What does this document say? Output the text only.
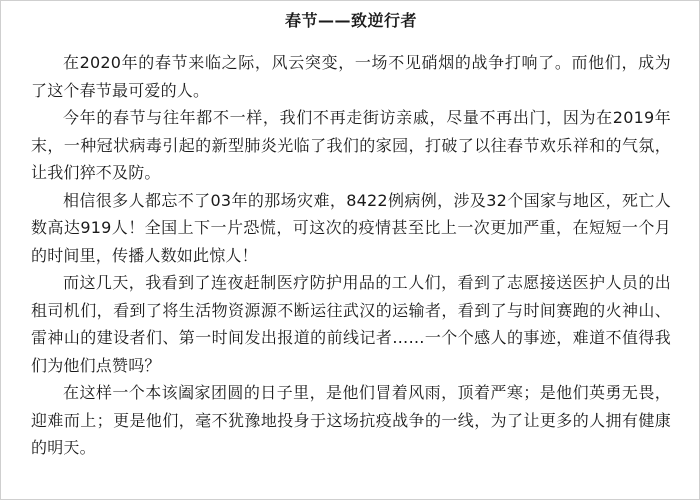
春节——致逆行者

在2020年的春节来临之际，风云突变，一场不见硝烟的战争打响了。而他们，成为了这个春节最可爱的人。

今年的春节与往年都不一样，我们不再走街访亲戚，尽量不再出门，因为在2019年末，一种冠状病毒引起的新型肺炎光临了我们的家园，打破了以往春节欢乐祥和的气氛，让我们猝不及防。

相信很多人都忘不了03年的那场灾难，8422例病例，涉及32个国家与地区，死亡人数高达919人！全国上下一片恐慌，可这次的疫情甚至比上一次更加严重，在短短一个月的时间里，传播人数如此惊人！

而这几天，我看到了连夜赶制医疗防护用品的工人们，看到了志愿接送医护人员的出租司机们，看到了将生活物资源源不断运往武汉的运输者，看到了与时间赛跑的火神山、雷神山的建设者们、第一时间发出报道的前线记者……一个个感人的事迹，难道不值得我们为他们点赞吗？

在这样一个本该阖家团圆的日子里，是他们冒着风雨，顶着严寒；是他们英勇无畏，迎难而上；更是他们，毫不犹豫地投身于这场抗疫战争的一线，为了让更多的人拥有健康的明天。
